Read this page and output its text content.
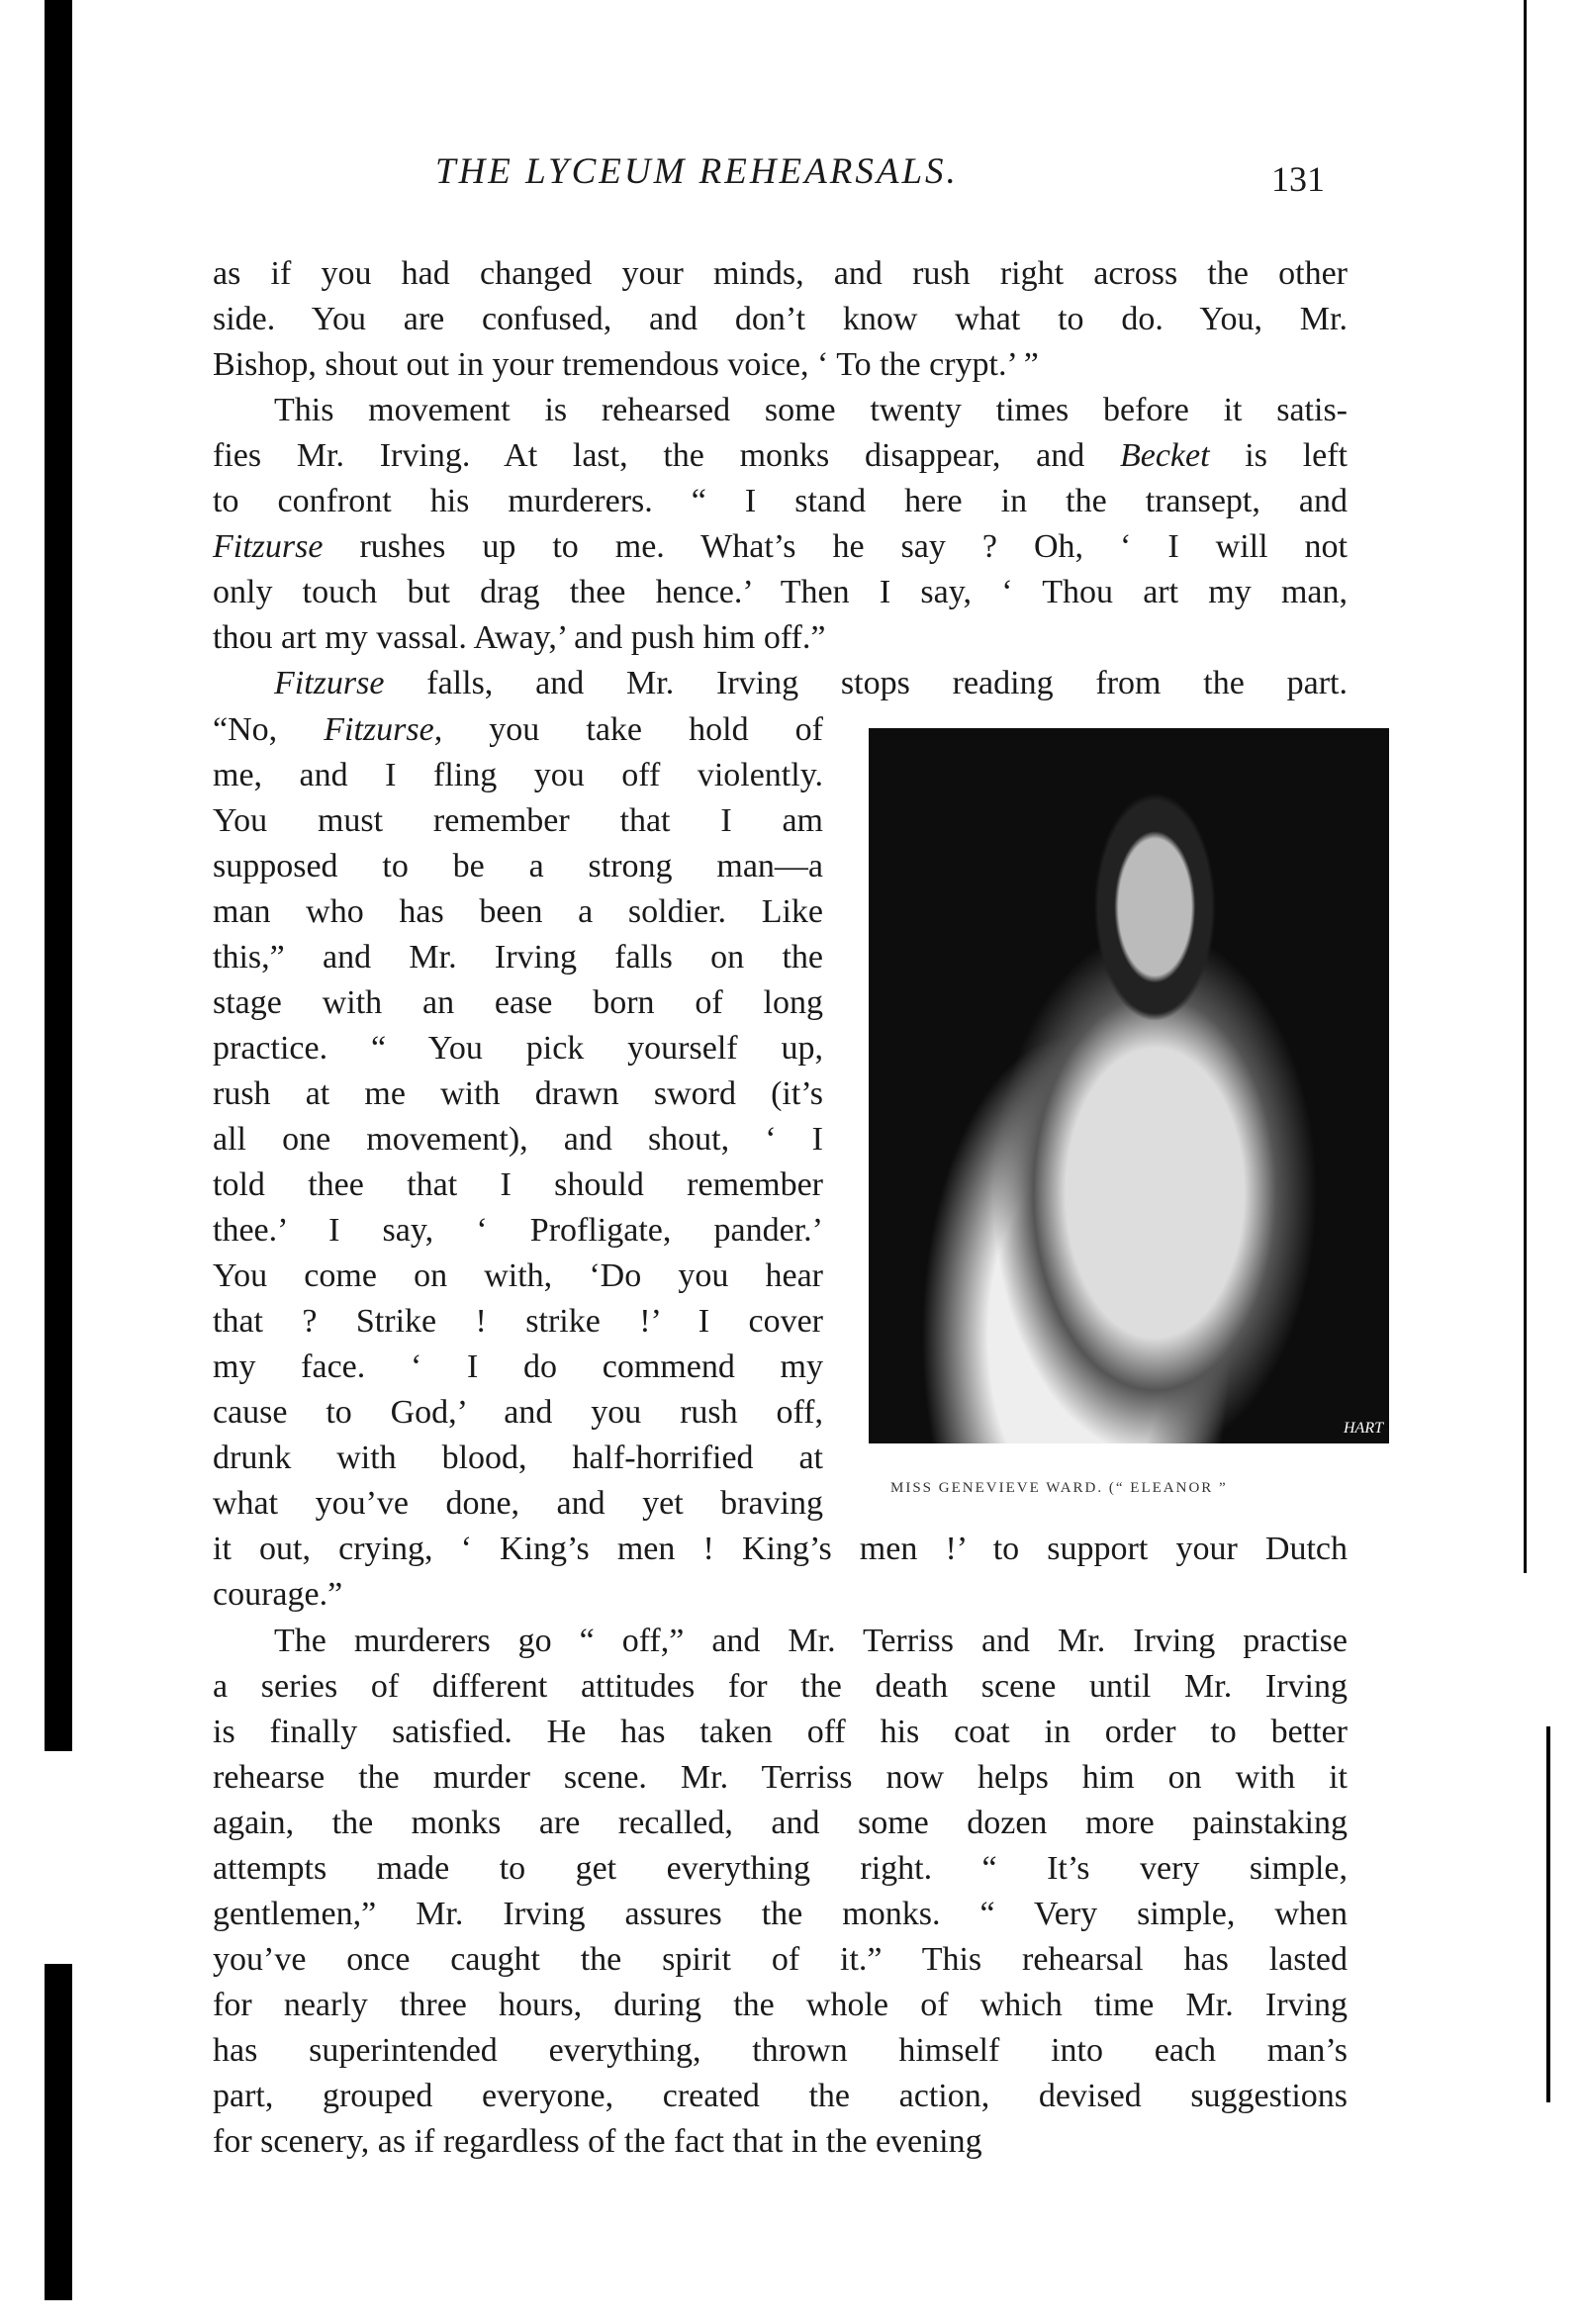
THE LYCEUM REHEARSALS.	131
HART
MISS GENEVIEVE WARD. (“ ELEANOR ”
as if you had changed your minds, and rush right across the other
side. You are confused, and don’t know what to do. You, Mr.
Bishop, shout out in your tremendous voice, ‘ To the crypt.’ ”
This movement is rehearsed some twenty times before it satis-
fies Mr. Irving. At last, the monks disappear, and Becket is left
to confront his murderers. “ I stand here in the transept, and
Fitzurse rushes up to me. What’s he say ? Oh, ‘ I will not
only touch but drag thee hence.’ Then I say, ‘ Thou art my man,
thou art my vassal. Away,’ and push him off.”
Fitzurse falls, and Mr. Irving stops reading from the part.
“No, Fitzurse, you take hold of
me, and I fling you off violently.
You must remember that I am
supposed to be a strong man—a
man who has been a soldier. Like
this,” and Mr. Irving falls on the
stage with an ease born of long
practice. “ You pick yourself up,
rush at me with drawn sword (it’s
all one movement), and shout, ‘ I
told thee that I should remember
thee.’ I say, ‘ Profligate, pander.’
You come on with, ‘Do you hear
that ? Strike ! strike !’ I cover
my face. ‘ I do commend my
cause to God,’ and you rush off,
drunk with blood, half-horrified at
what you’ve done, and yet braving
it out, crying, ‘ King’s men ! King’s men !’ to support your Dutch
courage.”
The murderers go “ off,” and Mr. Terriss and Mr. Irving practise
a series of different attitudes for the death scene until Mr. Irving
is finally satisfied. He has taken off his coat in order to better
rehearse the murder scene. Mr. Terriss now helps him on with it
again, the monks are recalled, and some dozen more painstaking
attempts made to get everything right. “ It’s very simple,
gentlemen,” Mr. Irving assures the monks. “ Very simple, when
you’ve once caught the spirit of it.” This rehearsal has lasted
for nearly three hours, during the whole of which time Mr. Irving
has superintended everything, thrown himself into each man’s
part, grouped everyone, created the action, devised suggestions
for scenery, as if regardless of the fact that in the evening
